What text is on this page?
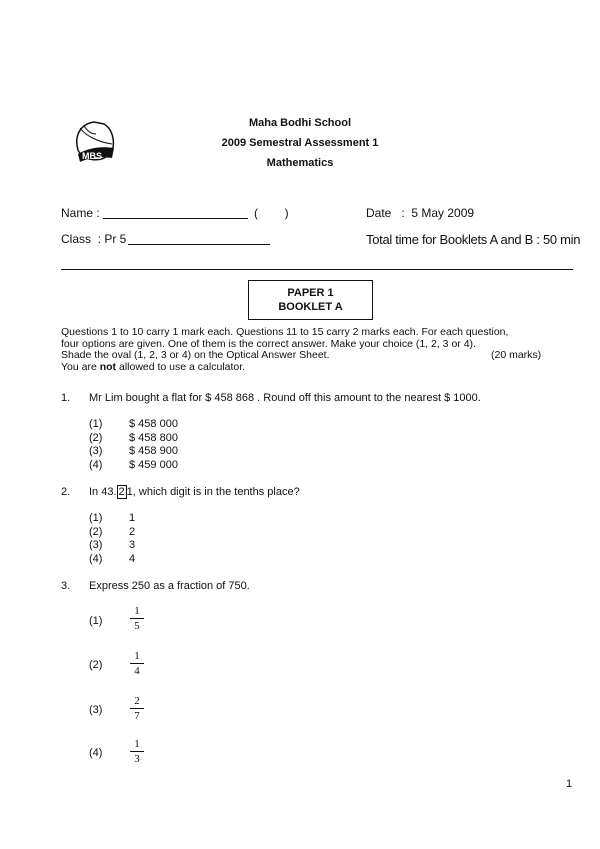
MBS
Maha Bodhi School
2009 Semestral Assessment 1
Mathematics
Name :	(        )	Date   :  5 May 2009
Class  : Pr 5	Total time for Booklets A and B : 50 min
PAPER 1
BOOKLET A
Questions 1 to 10 carry 1 mark each. Questions 11 to 15 carry 2 marks each. For each question,
four options are given. One of them is the correct answer. Make your choice (1, 2, 3 or 4).
Shade the oval (1, 2, 3 or 4) on the Optical Answer Sheet.	(20 marks)
You are not allowed to use a calculator.
1. Mr Lim bought a flat for $ 458 868 . Round off this amount to the nearest $ 1000.
(1) $ 458 000
(2) $ 458 800
(3) $ 458 900
(4) $ 459 000
2. In 43. 2 1, which digit is in the tenths place?
(1) 1
(2) 2
(3) 3
(4) 4
3. Express 250 as a fraction of 750.
(1)
1
5
(2)
1
4
(3)
2
7
(4)
1
3
1
